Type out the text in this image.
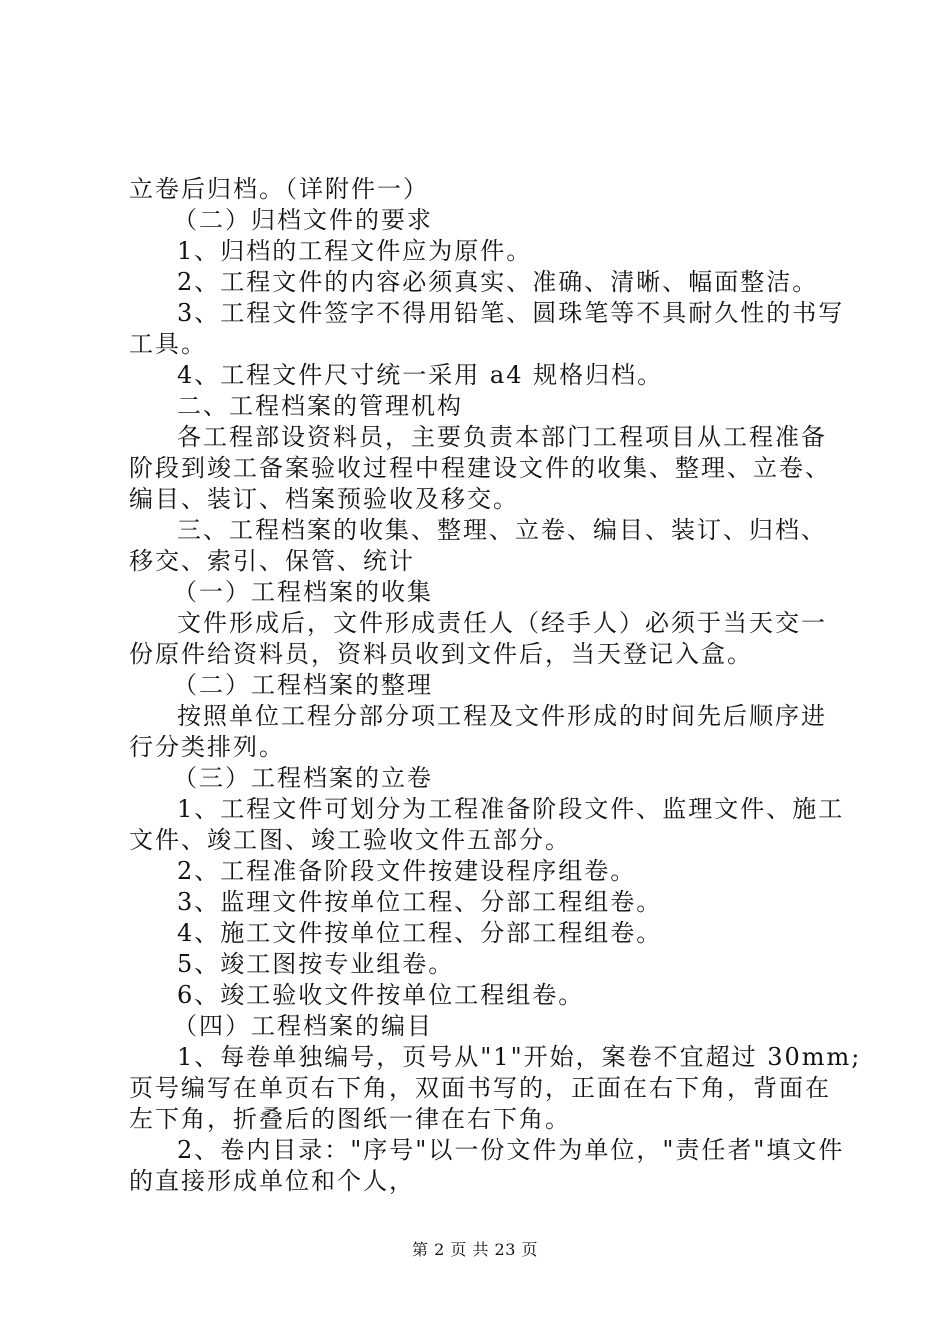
立卷后归档。（详附件一）
（二）归档文件的要求
1、归档的工程文件应为原件。
2、工程文件的内容必须真实、准确、清晰、幅面整洁。
3、工程文件签字不得用铅笔、圆珠笔等不具耐久性的书写
工具。
4、工程文件尺寸统一采用 a4 规格归档。
二、工程档案的管理机构
各工程部设资料员，主要负责本部门工程项目从工程准备
阶段到竣工备案验收过程中程建设文件的收集、整理、立卷、
编目、装订、档案预验收及移交。
三、工程档案的收集、整理、立卷、编目、装订、归档、
移交、索引、保管、统计
（一）工程档案的收集
文件形成后，文件形成责任人（经手人）必须于当天交一
份原件给资料员，资料员收到文件后，当天登记入盒。
（二）工程档案的整理
按照单位工程分部分项工程及文件形成的时间先后顺序进
行分类排列。
（三）工程档案的立卷
1、工程文件可划分为工程准备阶段文件、监理文件、施工
文件、竣工图、竣工验收文件五部分。
2、工程准备阶段文件按建设程序组卷。
3、监理文件按单位工程、分部工程组卷。
4、施工文件按单位工程、分部工程组卷。
5、竣工图按专业组卷。
6、竣工验收文件按单位工程组卷。
（四）工程档案的编目
1、每卷单独编号，页号从"1"开始，案卷不宜超过 30mm;
页号编写在单页右下角，双面书写的，正面在右下角，背面在
左下角，折叠后的图纸一律在右下角。
2、卷内目录："序号"以一份文件为单位，"责任者"填文件
的直接形成单位和个人，
第 2 页 共 23 页
